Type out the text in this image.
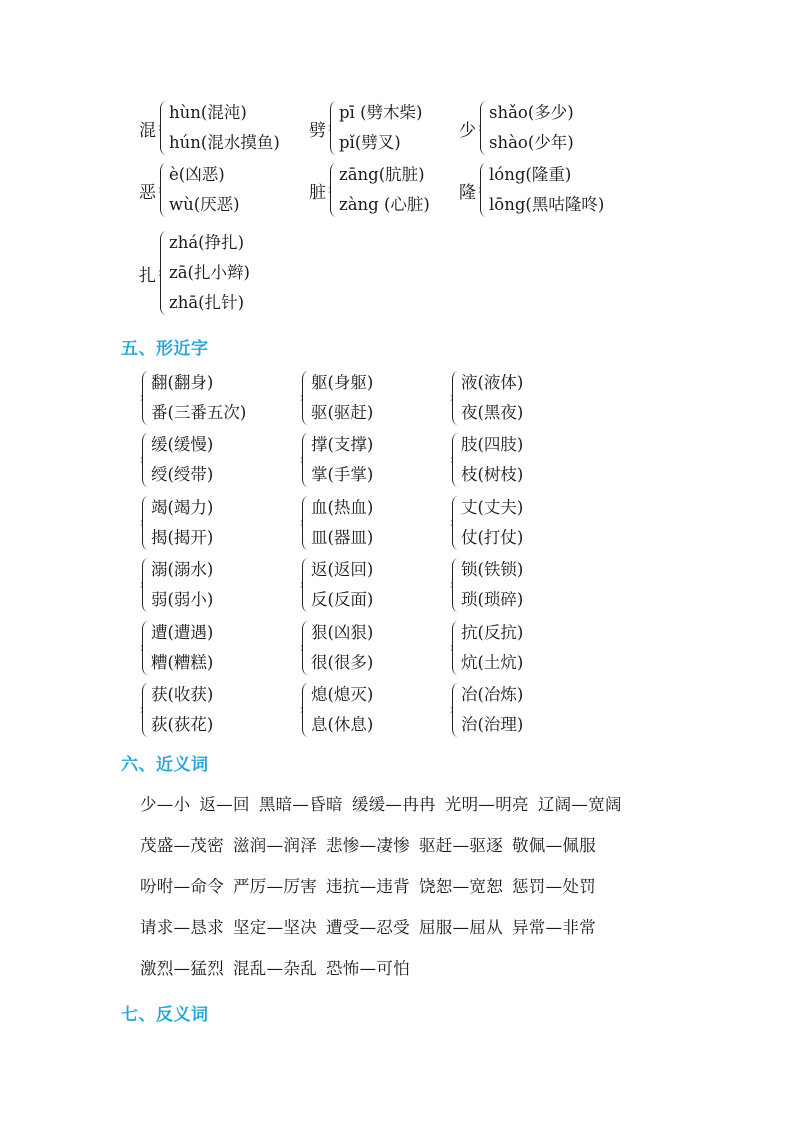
混
hùn(混沌)
hún(混水摸鱼)
劈
pī (劈木柴)
pǐ(劈叉)
少
shǎo(多少)
shào(少年)
恶
è(凶恶)
wù(厌恶)
脏
zāng(肮脏)
zàng (心脏)
隆
lóng(隆重)
lōng(黑咕隆咚)
扎
zhá(挣扎)
zā(扎小辫)
zhā(扎针)
五、形近字
翻(翻身)
番(三番五次)
躯(身躯)
驱(驱赶)
液(液体)
夜(黑夜)
缓(缓慢)
绶(绶带)
撑(支撑)
掌(手掌)
肢(四肢)
枝(树枝)
竭(竭力)
揭(揭开)
血(热血)
皿(器皿)
丈(丈夫)
仗(打仗)
溺(溺水)
弱(弱小)
返(返回)
反(反面)
锁(铁锁)
琐(琐碎)
遭(遭遇)
糟(糟糕)
狠(凶狠)
很(很多)
抗(反抗)
炕(土炕)
获(收获)
荻(荻花)
熄(熄灭)
息(休息)
冶(冶炼)
治(治理)
六、近义词
少—小 返—回 黑暗—昏暗 缓缓—冉冉 光明—明亮 辽阔—宽阔
茂盛—茂密 滋润—润泽 悲惨—凄惨 驱赶—驱逐 敬佩—佩服
吩咐—命令 严厉—厉害 违抗—违背 饶恕—宽恕 惩罚—处罚
请求—恳求 坚定—坚决 遭受—忍受 屈服—屈从 异常—非常
激烈—猛烈 混乱—杂乱 恐怖—可怕
七、反义词
